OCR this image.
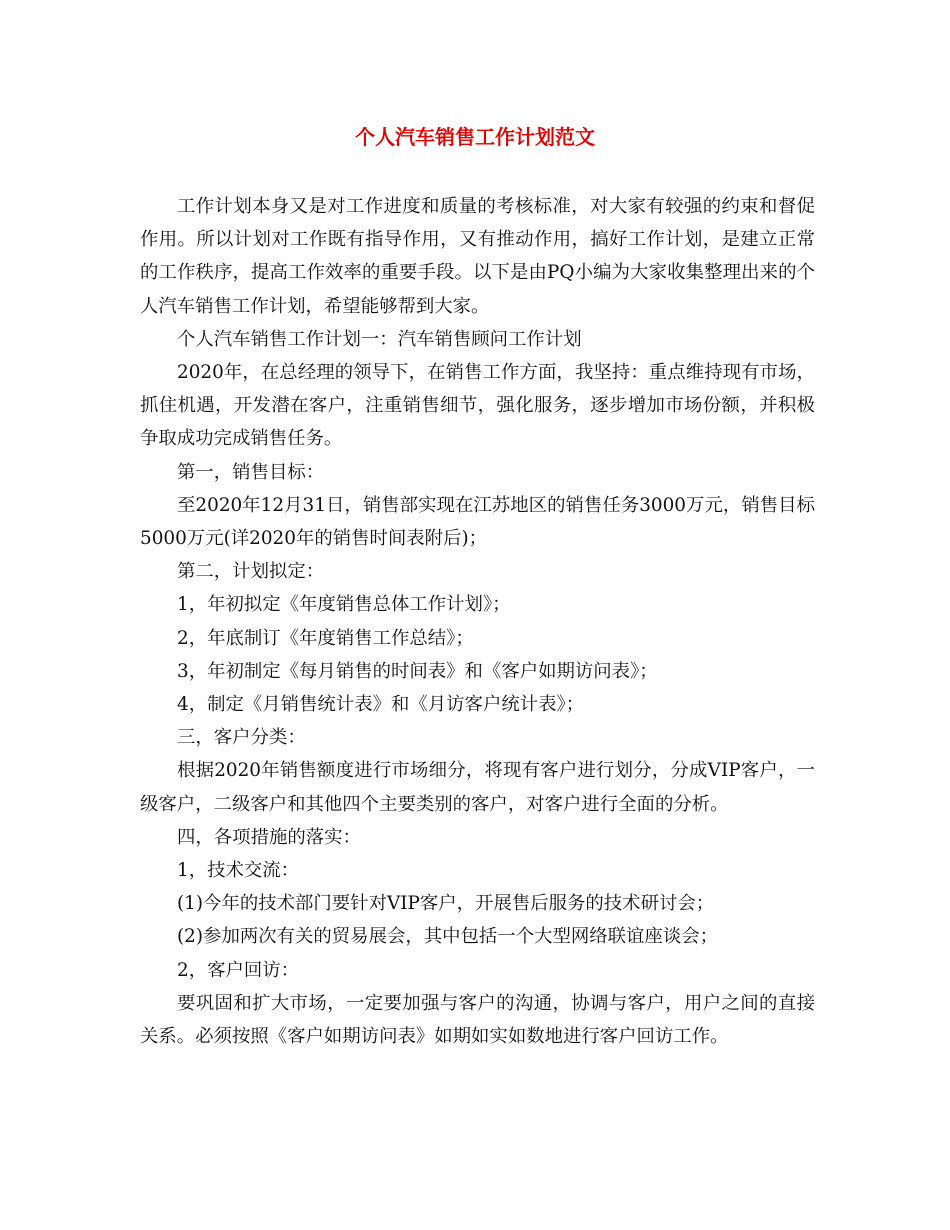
个人汽车销售工作计划范文

工作计划本身又是对工作进度和质量的考核标准，对大家有较强的约束和督促作用。所以计划对工作既有指导作用，又有推动作用，搞好工作计划，是建立正常的工作秩序，提高工作效率的重要手段。以下是由PQ小编为大家收集整理出来的个人汽车销售工作计划，希望能够帮到大家。

个人汽车销售工作计划一：汽车销售顾问工作计划

2020年，在总经理的领导下，在销售工作方面，我坚持：重点维持现有市场，抓住机遇，开发潜在客户，注重销售细节，强化服务，逐步增加市场份额，并积极争取成功完成销售任务。

第一，销售目标：

至2020年12月31日，销售部实现在江苏地区的销售任务3000万元，销售目标5000万元(详2020年的销售时间表附后)；

第二，计划拟定：

1，年初拟定《年度销售总体工作计划》；

2，年底制订《年度销售工作总结》；

3，年初制定《每月销售的时间表》和《客户如期访问表》；

4，制定《月销售统计表》和《月访客户统计表》；

三，客户分类：

根据2020年销售额度进行市场细分，将现有客户进行划分，分成VIP客户，一级客户，二级客户和其他四个主要类别的客户，对客户进行全面的分析。

四，各项措施的落实：

1，技术交流：

(1)今年的技术部门要针对VIP客户，开展售后服务的技术研讨会；

(2)参加两次有关的贸易展会，其中包括一个大型网络联谊座谈会；

2，客户回访：

要巩固和扩大市场，一定要加强与客户的沟通，协调与客户，用户之间的直接关系。必须按照《客户如期访问表》如期如实如数地进行客户回访工作。
